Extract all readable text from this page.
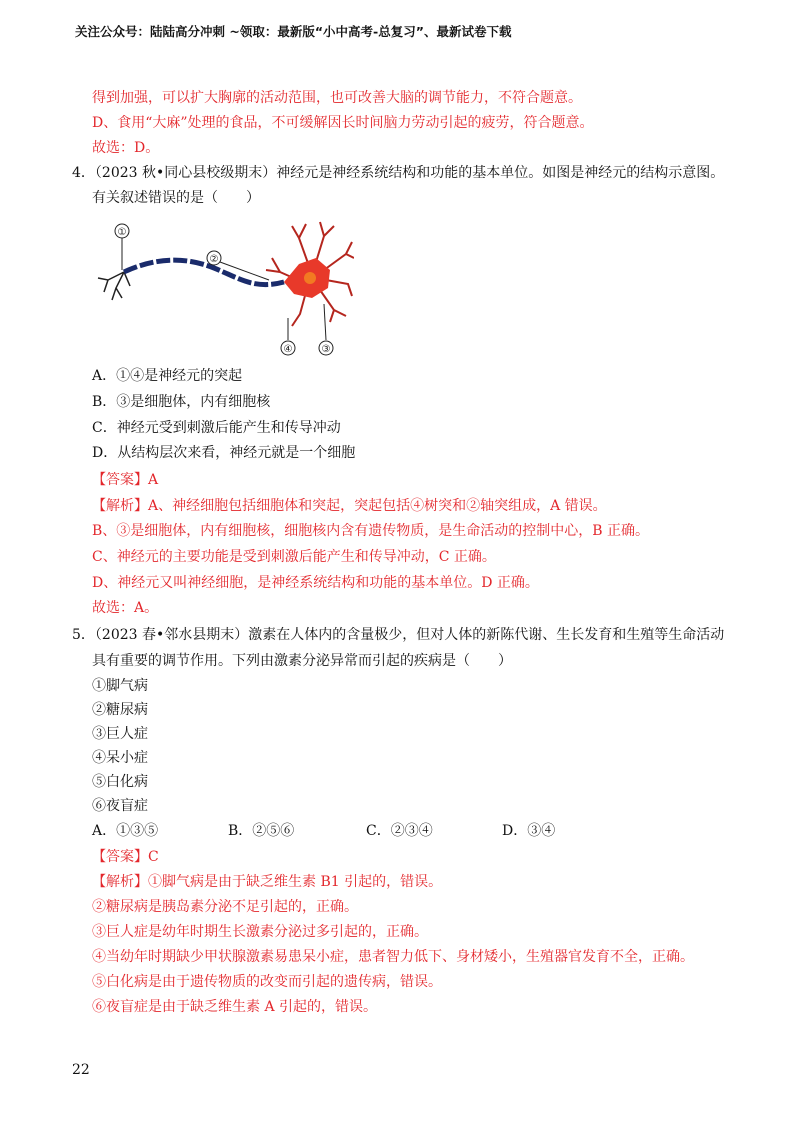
关注公众号：陆陆高分冲刺 ~领取：最新版“小中高考-总复习”、最新试卷下载
得到加强，可以扩大胸廓的活动范围，也可改善大脑的调节能力，不符合题意。
D、食用“大麻”处理的食品，不可缓解因长时间脑力劳动引起的疲劳，符合题意。
故选：D。
4．（2023 秋•同心县校级期末）神经元是神经系统结构和功能的基本单位。如图是神经元的结构示意图。
有关叙述错误的是（　　）
①
②
④	③
A．①④是神经元的突起
B．③是细胞体，内有细胞核
C．神经元受到刺激后能产生和传导冲动
D．从结构层次来看，神经元就是一个细胞
【答案】A
【解析】A、神经细胞包括细胞体和突起，突起包括④树突和②轴突组成，A 错误。
B、③是细胞体，内有细胞核，细胞核内含有遗传物质，是生命活动的控制中心，B 正确。
C、神经元的主要功能是受到刺激后能产生和传导冲动，C 正确。
D、神经元又叫神经细胞，是神经系统结构和功能的基本单位。D 正确。
故选：A。
5．（2023 春•邻水县期末）激素在人体内的含量极少，但对人体的新陈代谢、生长发育和生殖等生命活动
具有重要的调节作用。下列由激素分泌异常而引起的疾病是（　　）
①脚气病
②糖尿病
③巨人症
④呆小症
⑤白化病
⑥夜盲症
A．①③⑤	B．②⑤⑥	C．②③④	D．③④
【答案】C
【解析】①脚气病是由于缺乏维生素 B1 引起的，错误。
②糖尿病是胰岛素分泌不足引起的，正确。
③巨人症是幼年时期生长激素分泌过多引起的，正确。
④当幼年时期缺少甲状腺激素易患呆小症，患者智力低下、身材矮小，生殖器官发育不全，正确。
⑤白化病是由于遗传物质的改变而引起的遗传病，错误。
⑥夜盲症是由于缺乏维生素 A 引起的，错误。
22
